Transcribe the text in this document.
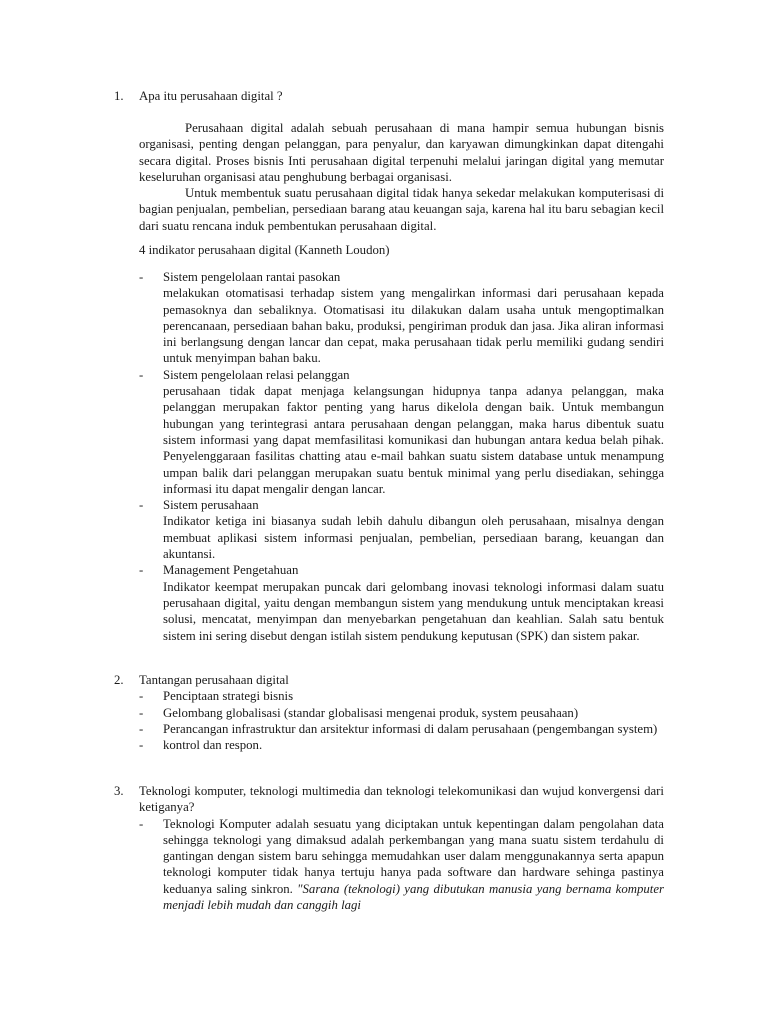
1. Apa itu perusahaan digital ?

Perusahaan digital adalah sebuah perusahaan di mana hampir semua hubungan bisnis organisasi, penting dengan pelanggan, para penyalur, dan karyawan dimungkinkan dapat ditengahi secara digital. Proses bisnis Inti perusahaan digital terpenuhi melalui jaringan digital yang memutar keseluruhan organisasi atau penghubung berbagai organisasi.

Untuk membentuk suatu perusahaan digital tidak hanya sekedar melakukan komputerisasi di bagian penjualan, pembelian, persediaan barang atau keuangan saja, karena hal itu baru sebagian kecil dari suatu rencana induk pembentukan perusahaan digital.

4 indikator perusahaan digital (Kanneth Loudon)

- Sistem pengelolaan rantai pasokan

melakukan otomatisasi terhadap sistem yang mengalirkan informasi dari perusahaan kepada pemasoknya dan sebaliknya. Otomatisasi itu dilakukan dalam usaha untuk mengoptimalkan perencanaan, persediaan bahan baku, produksi, pengiriman produk dan jasa. Jika aliran informasi ini berlangsung dengan lancar dan cepat, maka perusahaan tidak perlu memiliki gudang sendiri untuk menyimpan bahan baku.

- Sistem pengelolaan relasi pelanggan

perusahaan tidak dapat menjaga kelangsungan hidupnya tanpa adanya pelanggan, maka pelanggan merupakan faktor penting yang harus dikelola dengan baik. Untuk membangun hubungan yang terintegrasi antara perusahaan dengan pelanggan, maka harus dibentuk suatu sistem informasi yang dapat memfasilitasi komunikasi dan hubungan antara kedua belah pihak. Penyelenggaraan fasilitas chatting atau e-mail bahkan suatu sistem database untuk menampung umpan balik dari pelanggan merupakan suatu bentuk minimal yang perlu disediakan, sehingga informasi itu dapat mengalir dengan lancar.

- Sistem perusahaan

Indikator ketiga ini biasanya sudah lebih dahulu dibangun oleh perusahaan, misalnya dengan membuat aplikasi sistem informasi penjualan, pembelian, persediaan barang, keuangan dan akuntansi.

- Management Pengetahuan

Indikator keempat merupakan puncak dari gelombang inovasi teknologi informasi dalam suatu perusahaan digital, yaitu dengan membangun sistem yang mendukung untuk menciptakan kreasi solusi, mencatat, menyimpan dan menyebarkan pengetahuan dan keahlian. Salah satu bentuk sistem ini sering disebut dengan istilah sistem pendukung keputusan (SPK) dan sistem pakar.

2. Tantangan perusahaan digital

- Penciptaan strategi bisnis

- Gelombang globalisasi (standar globalisasi mengenai produk, system peusahaan)

- Perancangan infrastruktur dan arsitektur informasi di dalam perusahaan (pengembangan system)

- kontrol dan respon.

3. Teknologi komputer, teknologi multimedia dan teknologi telekomunikasi dan wujud konvergensi dari ketiganya?

- Teknologi Komputer adalah sesuatu yang diciptakan untuk kepentingan dalam pengolahan data sehingga teknologi yang dimaksud adalah perkembangan yang mana suatu sistem terdahulu di gantingan dengan sistem baru sehingga memudahkan user dalam menggunakannya serta apapun teknologi komputer tidak hanya tertuju hanya pada software dan hardware sehinga pastinya keduanya saling sinkron. "Sarana (teknologi) yang dibutukan manusia yang bernama komputer menjadi lebih mudah dan canggih lagi
